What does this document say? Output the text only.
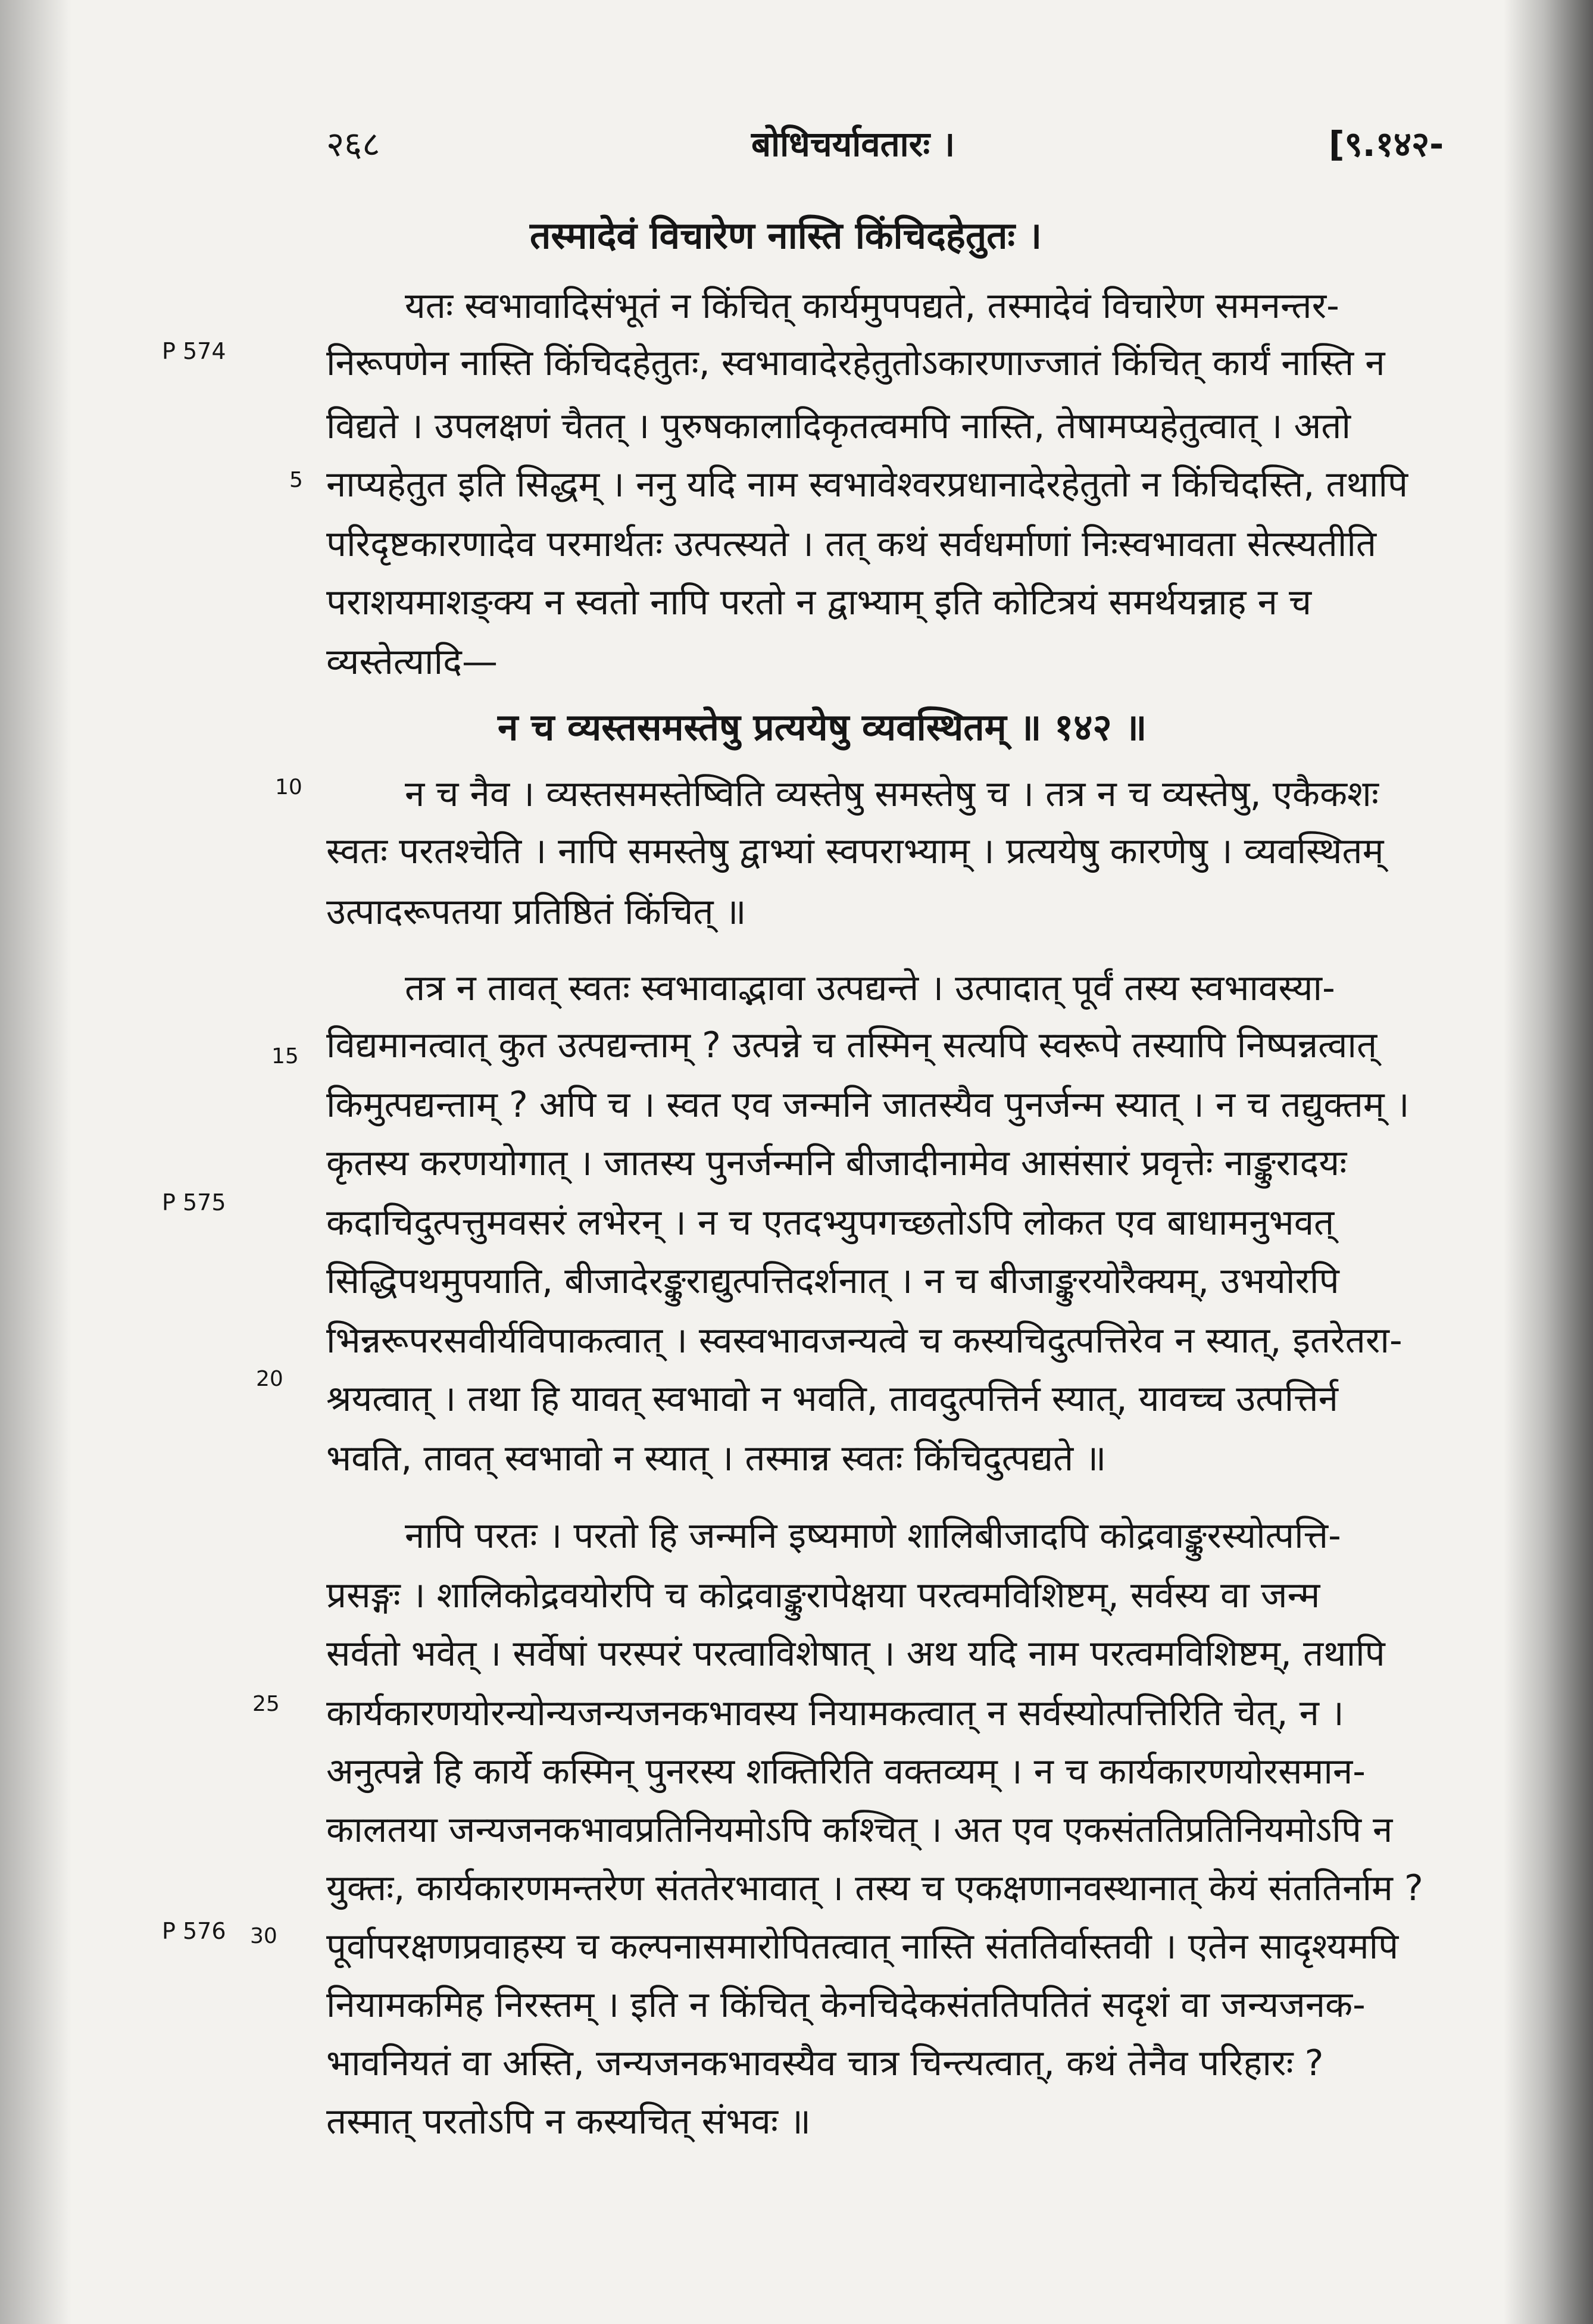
२६८	बोधिचर्यावतारः ।	[९.१४२-
तस्मादेवं विचारेण नास्ति किंचिदहेतुतः ।
P 574
P 575
P 576
5
10
15
20
25
30
यतः स्वभावादिसंभूतं न किंचित् कार्यमुपपद्यते, तस्मादेवं विचारेण समनन्तर-
निरूपणेन नास्ति किंचिदहेतुतः, स्वभावादेरहेतुतोऽकारणाज्जातं किंचित् कार्यं नास्ति न
विद्यते । उपलक्षणं चैतत् । पुरुषकालादिकृतत्वमपि नास्ति, तेषामप्यहेतुत्वात् । अतो
नाप्यहेतुत इति सिद्धम् । ननु यदि नाम स्वभावेश्वरप्रधानादेरहेतुतो न किंचिदस्ति, तथापि
परिदृष्टकारणादेव परमार्थतः उत्पत्स्यते । तत् कथं सर्वधर्माणां निःस्वभावता सेत्स्यतीति
पराशयमाशङ्क्य न स्वतो नापि परतो न द्वाभ्याम् इति कोटित्रयं समर्थयन्नाह न च
व्यस्तेत्यादि—
न च व्यस्तसमस्तेषु प्रत्ययेषु व्यवस्थितम् ॥ १४२ ॥
न च नैव । व्यस्तसमस्तेष्विति व्यस्तेषु समस्तेषु च । तत्र न च व्यस्तेषु, एकैकशः
स्वतः परतश्चेति । नापि समस्तेषु द्वाभ्यां स्वपराभ्याम् । प्रत्ययेषु कारणेषु । व्यवस्थितम्
उत्पादरूपतया प्रतिष्ठितं किंचित् ॥
तत्र न तावत् स्वतः स्वभावाद्भावा उत्पद्यन्ते । उत्पादात् पूर्वं तस्य स्वभावस्या-
विद्यमानत्वात् कुत उत्पद्यन्ताम् ? उत्पन्ने च तस्मिन् सत्यपि स्वरूपे तस्यापि निष्पन्नत्वात्
किमुत्पद्यन्ताम् ? अपि च । स्वत एव जन्मनि जातस्यैव पुनर्जन्म स्यात् । न च तद्युक्तम् ।
कृतस्य करणयोगात् । जातस्य पुनर्जन्मनि बीजादीनामेव आसंसारं प्रवृत्तेः नाङ्कुरादयः
कदाचिदुत्पत्तुमवसरं लभेरन् । न च एतदभ्युपगच्छतोऽपि लोकत एव बाधामनुभवत्
सिद्धिपथमुपयाति, बीजादेरङ्कुराद्युत्पत्तिदर्शनात् । न च बीजाङ्कुरयोरैक्यम्, उभयोरपि
भिन्नरूपरसवीर्यविपाकत्वात् । स्वस्वभावजन्यत्वे च कस्यचिदुत्पत्तिरेव न स्यात्, इतरेतरा-
श्रयत्वात् । तथा हि यावत् स्वभावो न भवति, तावदुत्पत्तिर्न स्यात्, यावच्च उत्पत्तिर्न
भवति, तावत् स्वभावो न स्यात् । तस्मान्न स्वतः किंचिदुत्पद्यते ॥
नापि परतः । परतो हि जन्मनि इष्यमाणे शालिबीजादपि कोद्रवाङ्कुरस्योत्पत्ति-
प्रसङ्गः । शालिकोद्रवयोरपि च कोद्रवाङ्कुरापेक्षया परत्वमविशिष्टम्, सर्वस्य वा जन्म
सर्वतो भवेत् । सर्वेषां परस्परं परत्वाविशेषात् । अथ यदि नाम परत्वमविशिष्टम्, तथापि
कार्यकारणयोरन्योन्यजन्यजनकभावस्य नियामकत्वात् न सर्वस्योत्पत्तिरिति चेत्, न ।
अनुत्पन्ने हि कार्ये कस्मिन् पुनरस्य शक्तिरिति वक्तव्यम् । न च कार्यकारणयोरसमान-
कालतया जन्यजनकभावप्रतिनियमोऽपि कश्चित् । अत एव एकसंततिप्रतिनियमोऽपि न
युक्तः, कार्यकारणमन्तरेण संततेरभावात् । तस्य च एकक्षणानवस्थानात् केयं संततिर्नाम ?
पूर्वापरक्षणप्रवाहस्य च कल्पनासमारोपितत्वात् नास्ति संततिर्वास्तवी । एतेन सादृश्यमपि
नियामकमिह निरस्तम् । इति न किंचित् केनचिदेकसंततिपतितं सदृशं वा जन्यजनक-
भावनियतं वा अस्ति, जन्यजनकभावस्यैव चात्र चिन्त्यत्वात्, कथं तेनैव परिहारः ?
तस्मात् परतोऽपि न कस्यचित् संभवः ॥
